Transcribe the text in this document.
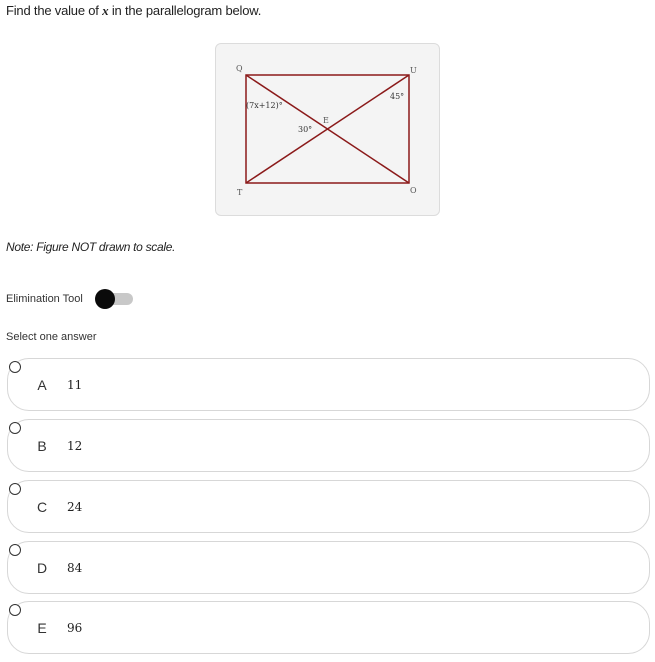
Find the value of x in the parallelogram below.
Q	U
T	O
E
(7x+12)°
30°
45°
Note: Figure NOT drawn to scale.
Elimination Tool
Select one answer
A 11
B 12
C 24
D 84
E 96
